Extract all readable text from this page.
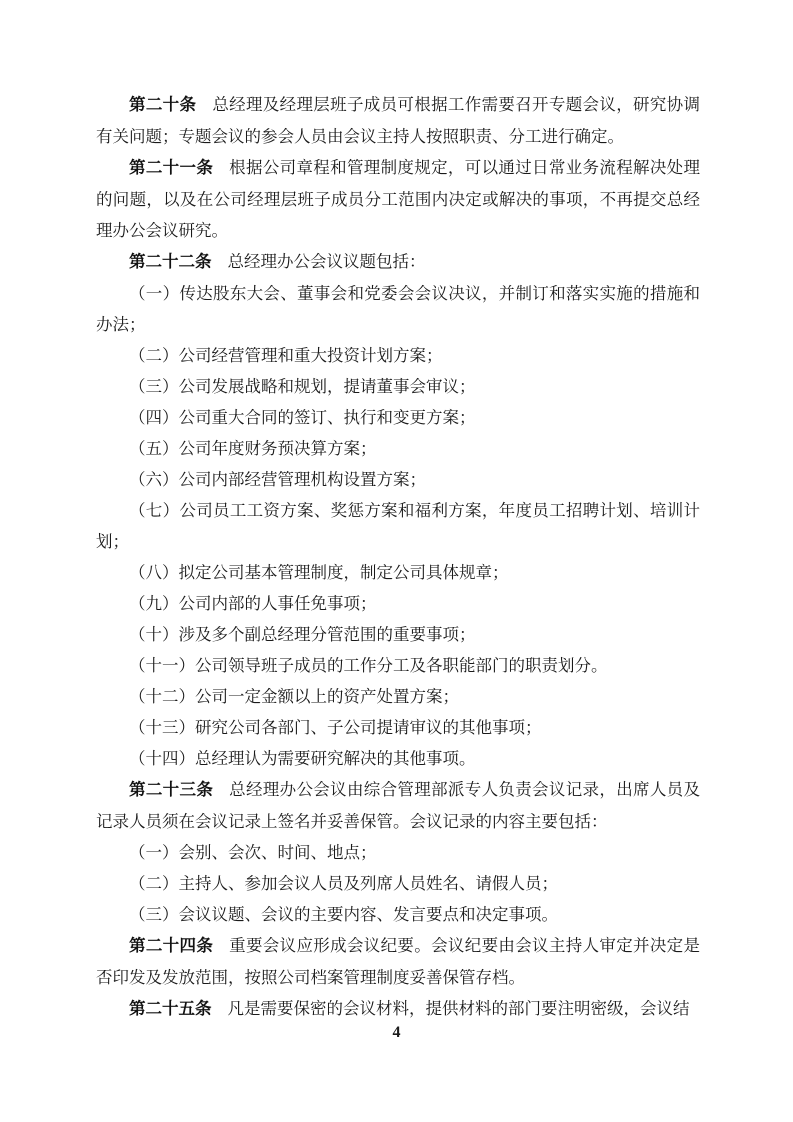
第二十条 总经理及经理层班子成员可根据工作需要召开专题会议，研究协调有关问题；专题会议的参会人员由会议主持人按照职责、分工进行确定。

第二十一条 根据公司章程和管理制度规定，可以通过日常业务流程解决处理的问题，以及在公司经理层班子成员分工范围内决定或解决的事项，不再提交总经理办公会议研究。

第二十二条 总经理办公会议议题包括：

（一）传达股东大会、董事会和党委会会议决议，并制订和落实实施的措施和办法；

（二）公司经营管理和重大投资计划方案；

（三）公司发展战略和规划，提请董事会审议；

（四）公司重大合同的签订、执行和变更方案；

（五）公司年度财务预决算方案；

（六）公司内部经营管理机构设置方案；

（七）公司员工工资方案、奖惩方案和福利方案，年度员工招聘计划、培训计划；

（八）拟定公司基本管理制度，制定公司具体规章；

（九）公司内部的人事任免事项；

（十）涉及多个副总经理分管范围的重要事项；

（十一）公司领导班子成员的工作分工及各职能部门的职责划分。

（十二）公司一定金额以上的资产处置方案；

（十三）研究公司各部门、子公司提请审议的其他事项；

（十四）总经理认为需要研究解决的其他事项。

第二十三条 总经理办公会议由综合管理部派专人负责会议记录，出席人员及记录人员须在会议记录上签名并妥善保管。会议记录的内容主要包括：

（一）会别、会次、时间、地点；

（二）主持人、参加会议人员及列席人员姓名、请假人员；

（三）会议议题、会议的主要内容、发言要点和决定事项。

第二十四条 重要会议应形成会议纪要。会议纪要由会议主持人审定并决定是否印发及发放范围，按照公司档案管理制度妥善保管存档。

第二十五条 凡是需要保密的会议材料，提供材料的部门要注明密级，会议结

4
